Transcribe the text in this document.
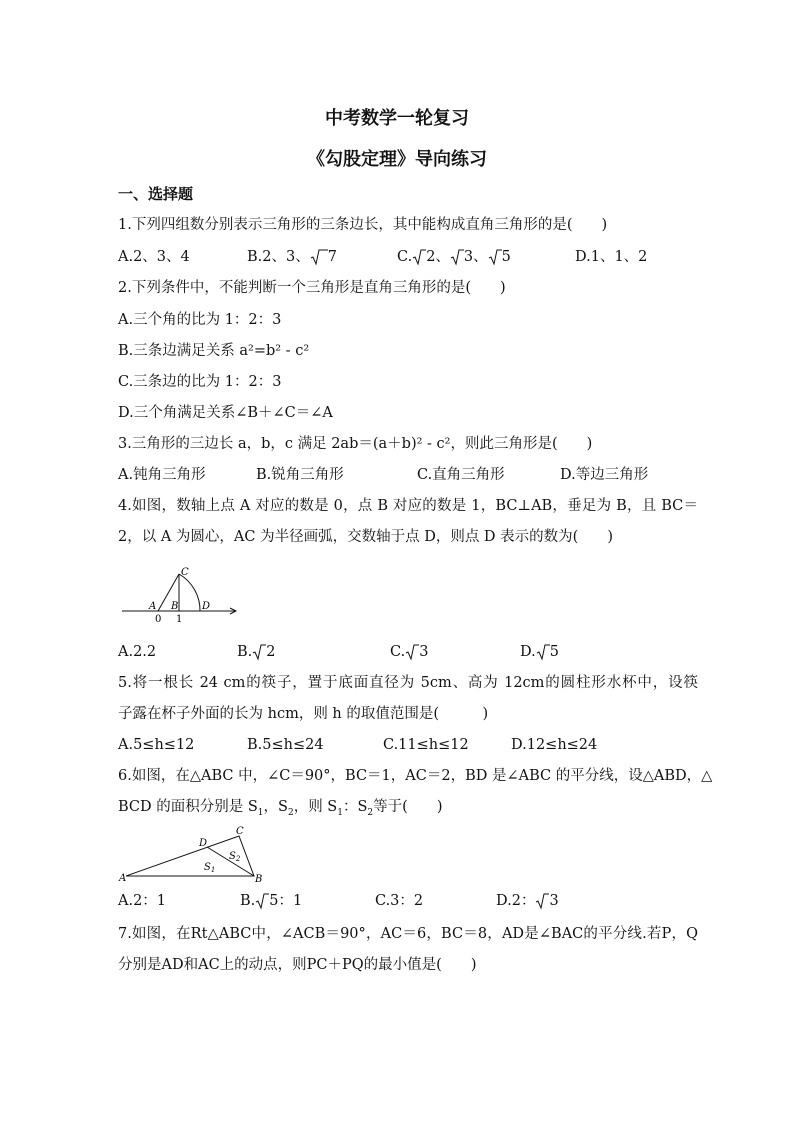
中考数学一轮复习
《勾股定理》导向练习
一、选择题
1.下列四组数分别表示三角形的三条边长，其中能构成直角三角形的是(　　)
A.2、3、4	B.2、3、 7	C. 2、 3、 5	D.1、1、2
2.下列条件中，不能判断一个三角形是直角三角形的是(　　)
A.三个角的比为 1：2：3
B.三条边满足关系 a²=b² - c²
C.三条边的比为 1：2：3
D.三个角满足关系∠B＋∠C＝∠A
3.三角形的三边长 a，b，c 满足 2ab＝(a＋b)² - c²，则此三角形是(　　)
A.钝角三角形	B.锐角三角形	C.直角三角形	D.等边三角形
4.如图，数轴上点 A 对应的数是 0，点 B 对应的数是 1，BC⊥AB，垂足为 B，且 BC＝
2，以 A 为圆心，AC 为半径画弧，交数轴于点 D，则点 D 表示的数为(　　)
C
A B D
0 1
A.2.2	B. 2	C. 3	D. 5
5.将一根长 24 cm的筷子，置于底面直径为 5cm、高为 12cm的圆柱形水杯中，设筷
子露在杯子外面的长为 hcm，则 h 的取值范围是(　　　)
A.5≤h≤12	B.5≤h≤24	C.11≤h≤12	D.12≤h≤24
6.如图，在△ABC 中，∠C＝90°，BC＝1，AC＝2，BD 是∠ABC 的平分线，设△ABD，△
BCD 的面积分别是 $S_1$，$S_2$，则 $S_1$：$S_2$等于(　　)
A	B
C
D
$S_1$
$S_2$
A.2：1	B. 5：1	C.3：2	D.2： 3
7.如图，在Rt△ABC中，∠ACB＝90°，AC＝6，BC＝8，AD是∠BAC的平分线.若P，Q
分别是AD和AC上的动点，则PC＋PQ的最小值是(　　)
